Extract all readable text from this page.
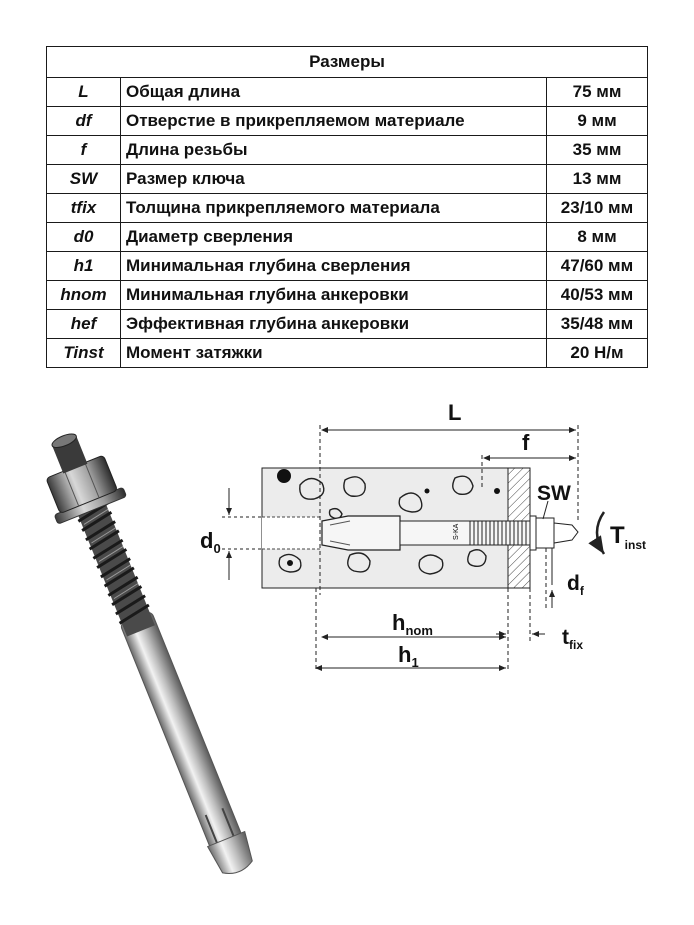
Размеры		
L	Общая длина	75 мм
df	Отверстие в прикрепляемом материале	9 мм
f	Длина резьбы	35 мм
SW	Размер ключа	13 мм
tfix	Толщина прикрепляемого материала	23/10 мм
d0	Диаметр сверления	8 мм
h1	Минимальная глубина сверления	47/60 мм
hnom	Минимальная глубина анкеровки	40/53 мм
hef	Эффективная глубина анкеровки	35/48 мм
Tinst	Момент затяжки	20 Н/м
S-KA
L
f
SW
$d_0$
$d_f$
$T_{inst}$
$h_{nom}$
$h_1$
$t_{fix}$
